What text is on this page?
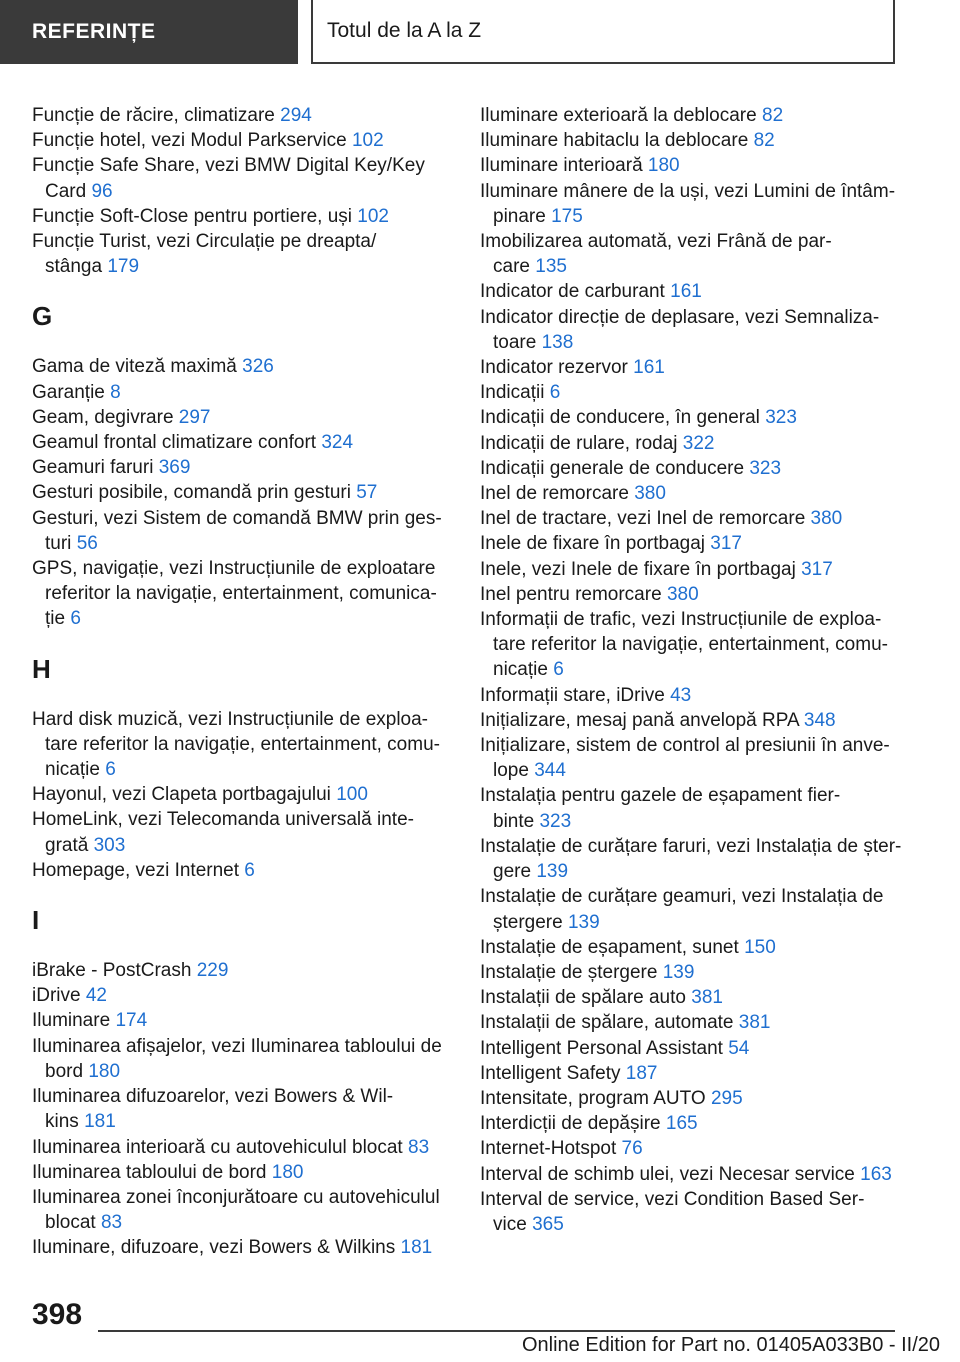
REFERINȚE	Totul de la A la Z
Funcție de răcire, climatizare 294
Funcție hotel, vezi Modul Parkservice 102
Funcție Safe Share, vezi BMW Digital Key/Key
Card 96
Funcție Soft-Close pentru portiere, uși 102
Funcție Turist, vezi Circulație pe dreapta/
stânga 179
G
Gama de viteză maximă 326
Garanție 8
Geam, degivrare 297
Geamul frontal climatizare confort 324
Geamuri faruri 369
Gesturi posibile, comandă prin gesturi 57
Gesturi, vezi Sistem de comandă BMW prin ges-
turi 56
GPS, navigație, vezi Instrucțiunile de exploatare
referitor la navigație, entertainment, comunica-
ție 6
H
Hard disk muzică, vezi Instrucțiunile de exploa-
tare referitor la navigație, entertainment, comu-
nicație 6
Hayonul, vezi Clapeta portbagajului 100
HomeLink, vezi Telecomanda universală inte-
grată 303
Homepage, vezi Internet 6
I
iBrake - PostCrash 229
iDrive 42
Iluminare 174
Iluminarea afișajelor, vezi Iluminarea tabloului de
bord 180
Iluminarea difuzoarelor, vezi Bowers & Wil-
kins 181
Iluminarea interioară cu autovehiculul blocat 83
Iluminarea tabloului de bord 180
Iluminarea zonei înconjurătoare cu autovehiculul
blocat 83
Iluminare, difuzoare, vezi Bowers & Wilkins 181
Iluminare exterioară la deblocare 82
Iluminare habitaclu la deblocare 82
Iluminare interioară 180
Iluminare mânere de la uși, vezi Lumini de întâm-
pinare 175
Imobilizarea automată, vezi Frână de par-
care 135
Indicator de carburant 161
Indicator direcție de deplasare, vezi Semnaliza-
toare 138
Indicator rezervor 161
Indicații 6
Indicații de conducere, în general 323
Indicații de rulare, rodaj 322
Indicații generale de conducere 323
Inel de remorcare 380
Inel de tractare, vezi Inel de remorcare 380
Inele de fixare în portbagaj 317
Inele, vezi Inele de fixare în portbagaj 317
Inel pentru remorcare 380
Informații de trafic, vezi Instrucțiunile de exploa-
tare referitor la navigație, entertainment, comu-
nicație 6
Informații stare, iDrive 43
Inițializare, mesaj pană anvelopă RPA 348
Inițializare, sistem de control al presiunii în anve-
lope 344
Instalația pentru gazele de eșapament fier-
binte 323
Instalație de curățare faruri, vezi Instalația de șter-
gere 139
Instalație de curățare geamuri, vezi Instalația de
ștergere 139
Instalație de eșapament, sunet 150
Instalație de ștergere 139
Instalații de spălare auto 381
Instalații de spălare, automate 381
Intelligent Personal Assistant 54
Intelligent Safety 187
Intensitate, program AUTO 295
Interdicții de depășire 165
Internet-Hotspot 76
Interval de schimb ulei, vezi Necesar service 163
Interval de service, vezi Condition Based Ser-
vice 365
398
Online Edition for Part no. 01405A033B0 - II/20
